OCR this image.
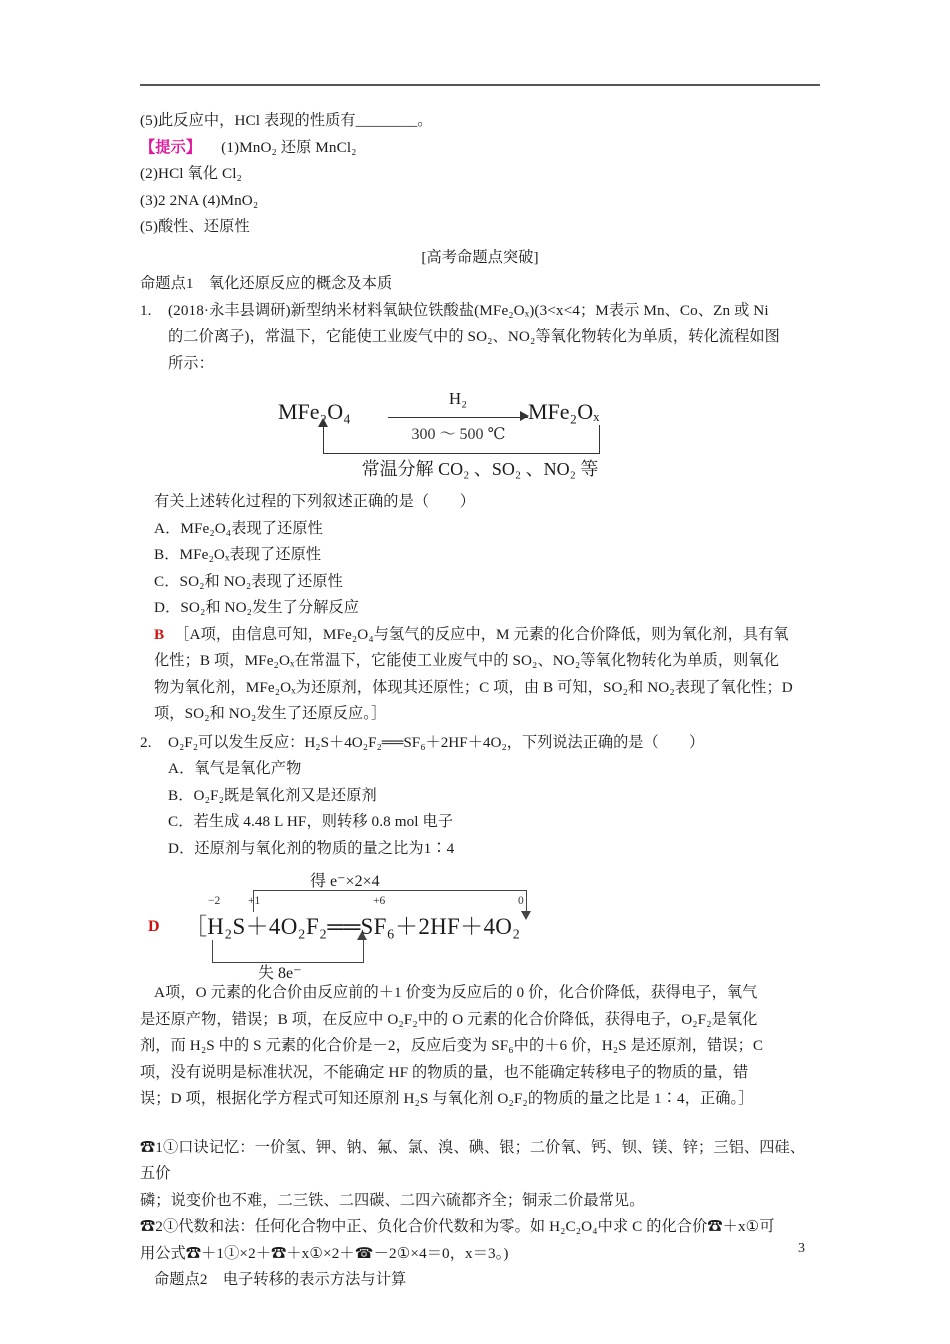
(5)此反应中，HCl 表现的性质有________。
【提示】 (1)MnO₂ 还原 MnCl₂
(2)HCl 氧化 Cl₂
(3)2 2NA (4)MnO₂
(5)酸性、还原性
[高考命题点突破]
命题点1　氧化还原反应的概念及本质
1.	(2018·永丰县调研)新型纳米材料氧缺位铁酸盐(MFe₂Oₓ)(3<x<4；M表示 Mn、Co、Zn 或 Ni
的二价离子)，常温下，它能使工业废气中的 SO₂、NO₂等氧化物转化为单质，转化流程如图
所示：
MFe₂O₄
H₂
300 ～ 500 ℃
MFe₂Oₓ
常温分解 CO₂ 、SO₂ 、NO₂ 等
有关上述转化过程的下列叙述正确的是（　　）
A．MFe₂O₄表现了还原性
B．MFe₂Oₓ表现了还原性
C．SO₂和 NO₂表现了还原性
D．SO₂和 NO₂发生了分解反应
B ［A项，由信息可知，MFe₂O₄与氢气的反应中，M 元素的化合价降低，则为氧化剂，具有氧
化性；B 项，MFe₂Oₓ在常温下，它能使工业废气中的 SO₂、NO₂等氧化物转化为单质，则氧化
物为氧化剂，MFe₂Oₓ为还原剂，体现其还原性；C 项，由 B 可知，SO₂和 NO₂表现了氧化性；D
项，SO₂和 NO₂发生了还原反应。］
2.	O₂F₂可以发生反应：H₂S＋4O₂F₂══SF₆＋2HF＋4O₂，下列说法正确的是（　　）
A．氧气是氧化产物
B．O₂F₂既是氧化剂又是还原剂
C．若生成 4.48 L HF，则转移 0.8 mol 电子
D．还原剂与氧化剂的物质的量之比为1∶4
D
得 e⁻×2×4
［H₂S＋4O₂F₂══SF₆＋2HF＋4O₂
−2 +1	+6	0
失 8e⁻
A项，O 元素的化合价由反应前的＋1 价变为反应后的 0 价，化合价降低，获得电子，氧气
是还原产物，错误；B 项，在反应中 O₂F₂中的 O 元素的化合价降低，获得电子，O₂F₂是氧化
剂，而 H₂S 中的 S 元素的化合价是－2，反应后变为 SF₆中的＋6 价，H₂S 是还原剂，错误；C
项，没有说明是标准状况，不能确定 HF 的物质的量，也不能确定转移电子的物质的量，错
误；D 项，根据化学方程式可知还原剂 H₂S 与氧化剂 O₂F₂的物质的量之比是 1∶4，正确。］
☎1①口诀记忆：一价氢、钾、钠、氟、氯、溴、碘、银；二价氧、钙、钡、镁、锌；三铝、四硅、五价
磷；说变价也不难，二三铁、二四碳、二四六硫都齐全；铜汞二价最常见。
☎2①代数和法：任何化合物中正、负化合价代数和为零。如 H₂C₂O₄中求 C 的化合价☎＋x①可
用公式☎＋1①×2＋☎＋x①×2＋☎－2①×4＝0，x＝3。)
命题点2　电子转移的表示方法与计算
3
